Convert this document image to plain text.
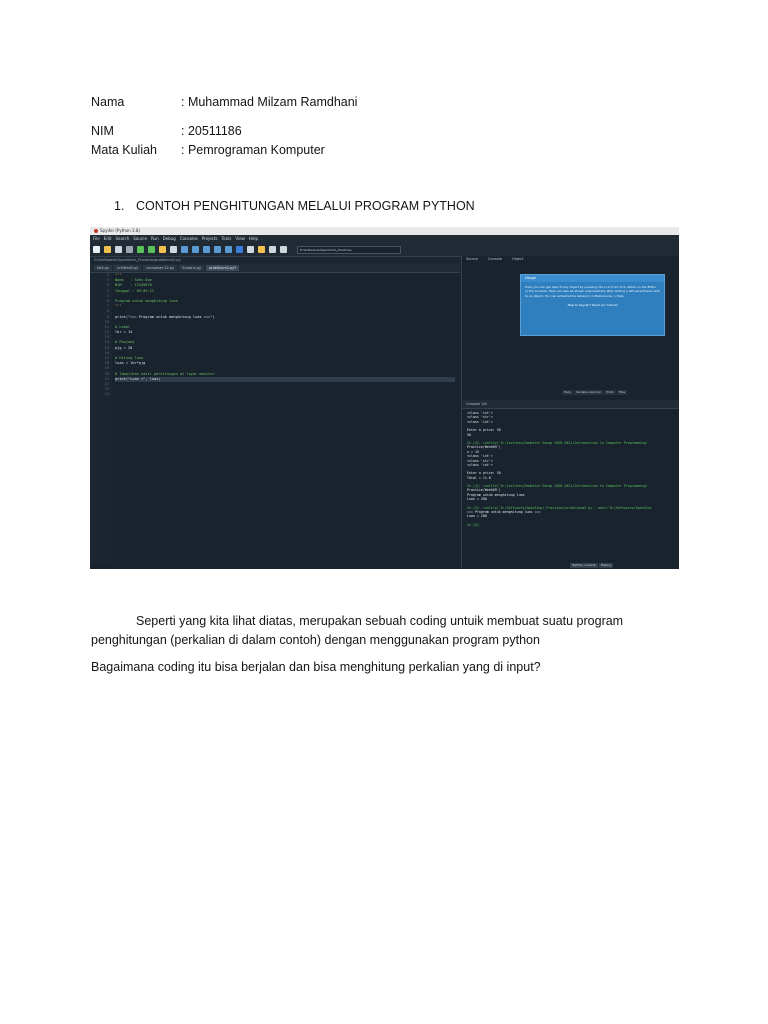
Nama	: Muhammad Milzam Ramdhani
NIM	: 20511186
Mata Kuliah : Pemrograman Komputer
1. CONTOH PENGHITUNGAN MELALUI PROGRAM PYTHON
Spyder (Python 3.8)
File Edit Search Source Run Debug Consoles Projects Tools View Help
D:\Softwares\OpenSims\_Practices
D:\Softwares\OpenSims\_Practices\praktikum2.py
lat4.py	untitled0.py	composer.32.py	SuaaLis.py	praktikum2.py*
1
2
3
4
5
6
7
8
9
10
11
12
13
14
15
16
17
18
19
20
21
22
23
24
"""
Nama   : Sahs Doe
NIM    : 12345678
Tanggal : 09-09-21
Program untuk menghitung luas
"""
print("=== Program untuk menghitung luas ===")
# Lebar
lbr = 14
# Panjang
pjg = 20
# Hitung luas
luas = lbr*pjg
# Tampilkan hasil perhitungan di layar monitor
print("Luas =", luas)
Source	Console	Object
Usage
Here you can get help of any object by pressing Ctrl+I in front of it, either on the Editor or the Console. Help can also be shown automatically after writing a left parenthesis next to an object. You can activate this behavior in Preferences > Help.
New to Spyder? Read our tutorial
Help	Variable explorer	Plots	Files
Console 1/A
<class 'int'>
<class 'str'>
<class 'int'>
Enter a price: 50
50
In [3]: runfile('D:/Lectures/Semester Genap 2020-2021/Introduction to Computer Programming/
Practice/Week09')
x = 15
<class 'int'>
<class 'str'>
<class 'int'>
Enter a price: 50
Total = 11.6
In [4]: runfile('D:/Lectures/Semester Genap 2020-2021/Introduction to Computer Programming/
Practice/Week09')
Program untuk menghitung luas
Luas = 280
In [5]: runfile('D:/Softwares/OpenSims/_Practices/praktikum2.py', wdir='D:/Softwares/OpenSims
=== Program untuk menghitung luas ===
Luas = 280
In [6]:
IPython console	History
Seperti yang kita lihat diatas, merupakan sebuah coding untuik membuat suatu program penghitungan (perkalian di dalam contoh) dengan menggunakan program python
Bagaimana coding itu bisa berjalan dan bisa menghitung perkalian yang di input?
